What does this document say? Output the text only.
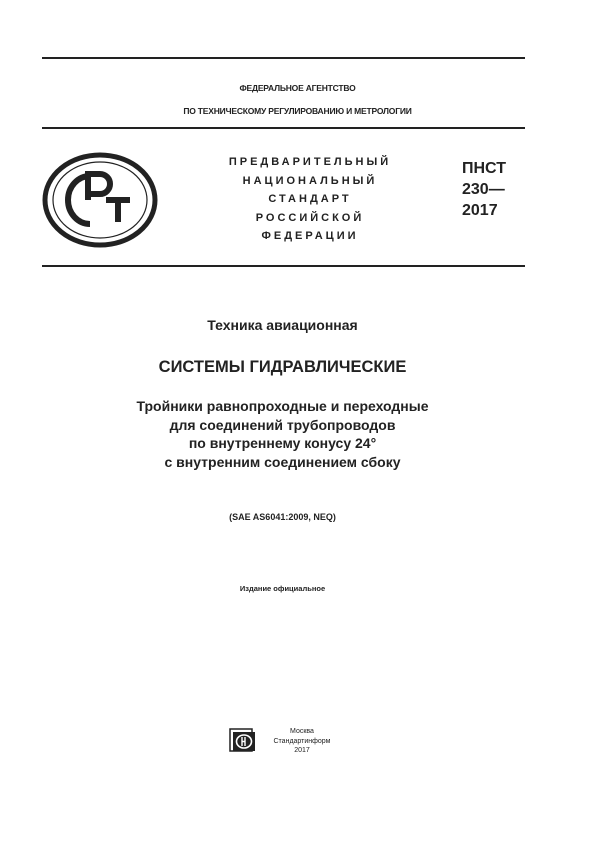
ФЕДЕРАЛЬНОЕ АГЕНТСТВО
ПО ТЕХНИЧЕСКОМУ РЕГУЛИРОВАНИЮ И МЕТРОЛОГИИ
ПРЕДВАРИТЕЛЬНЫЙ
НАЦИОНАЛЬНЫЙ
СТАНДАРТ
РОССИЙСКОЙ
ФЕДЕРАЦИИ
ПНСТ
230—
2017
Техника авиационная
СИСТЕМЫ ГИДРАВЛИЧЕСКИЕ
Тройники равнопроходные и переходные
для соединений трубопроводов
по внутреннему конусу 24°
с внутренним соединением сбоку
(SAE AS6041:2009, NEQ)
Издание официальное
Москва
Стандартинформ
2017
